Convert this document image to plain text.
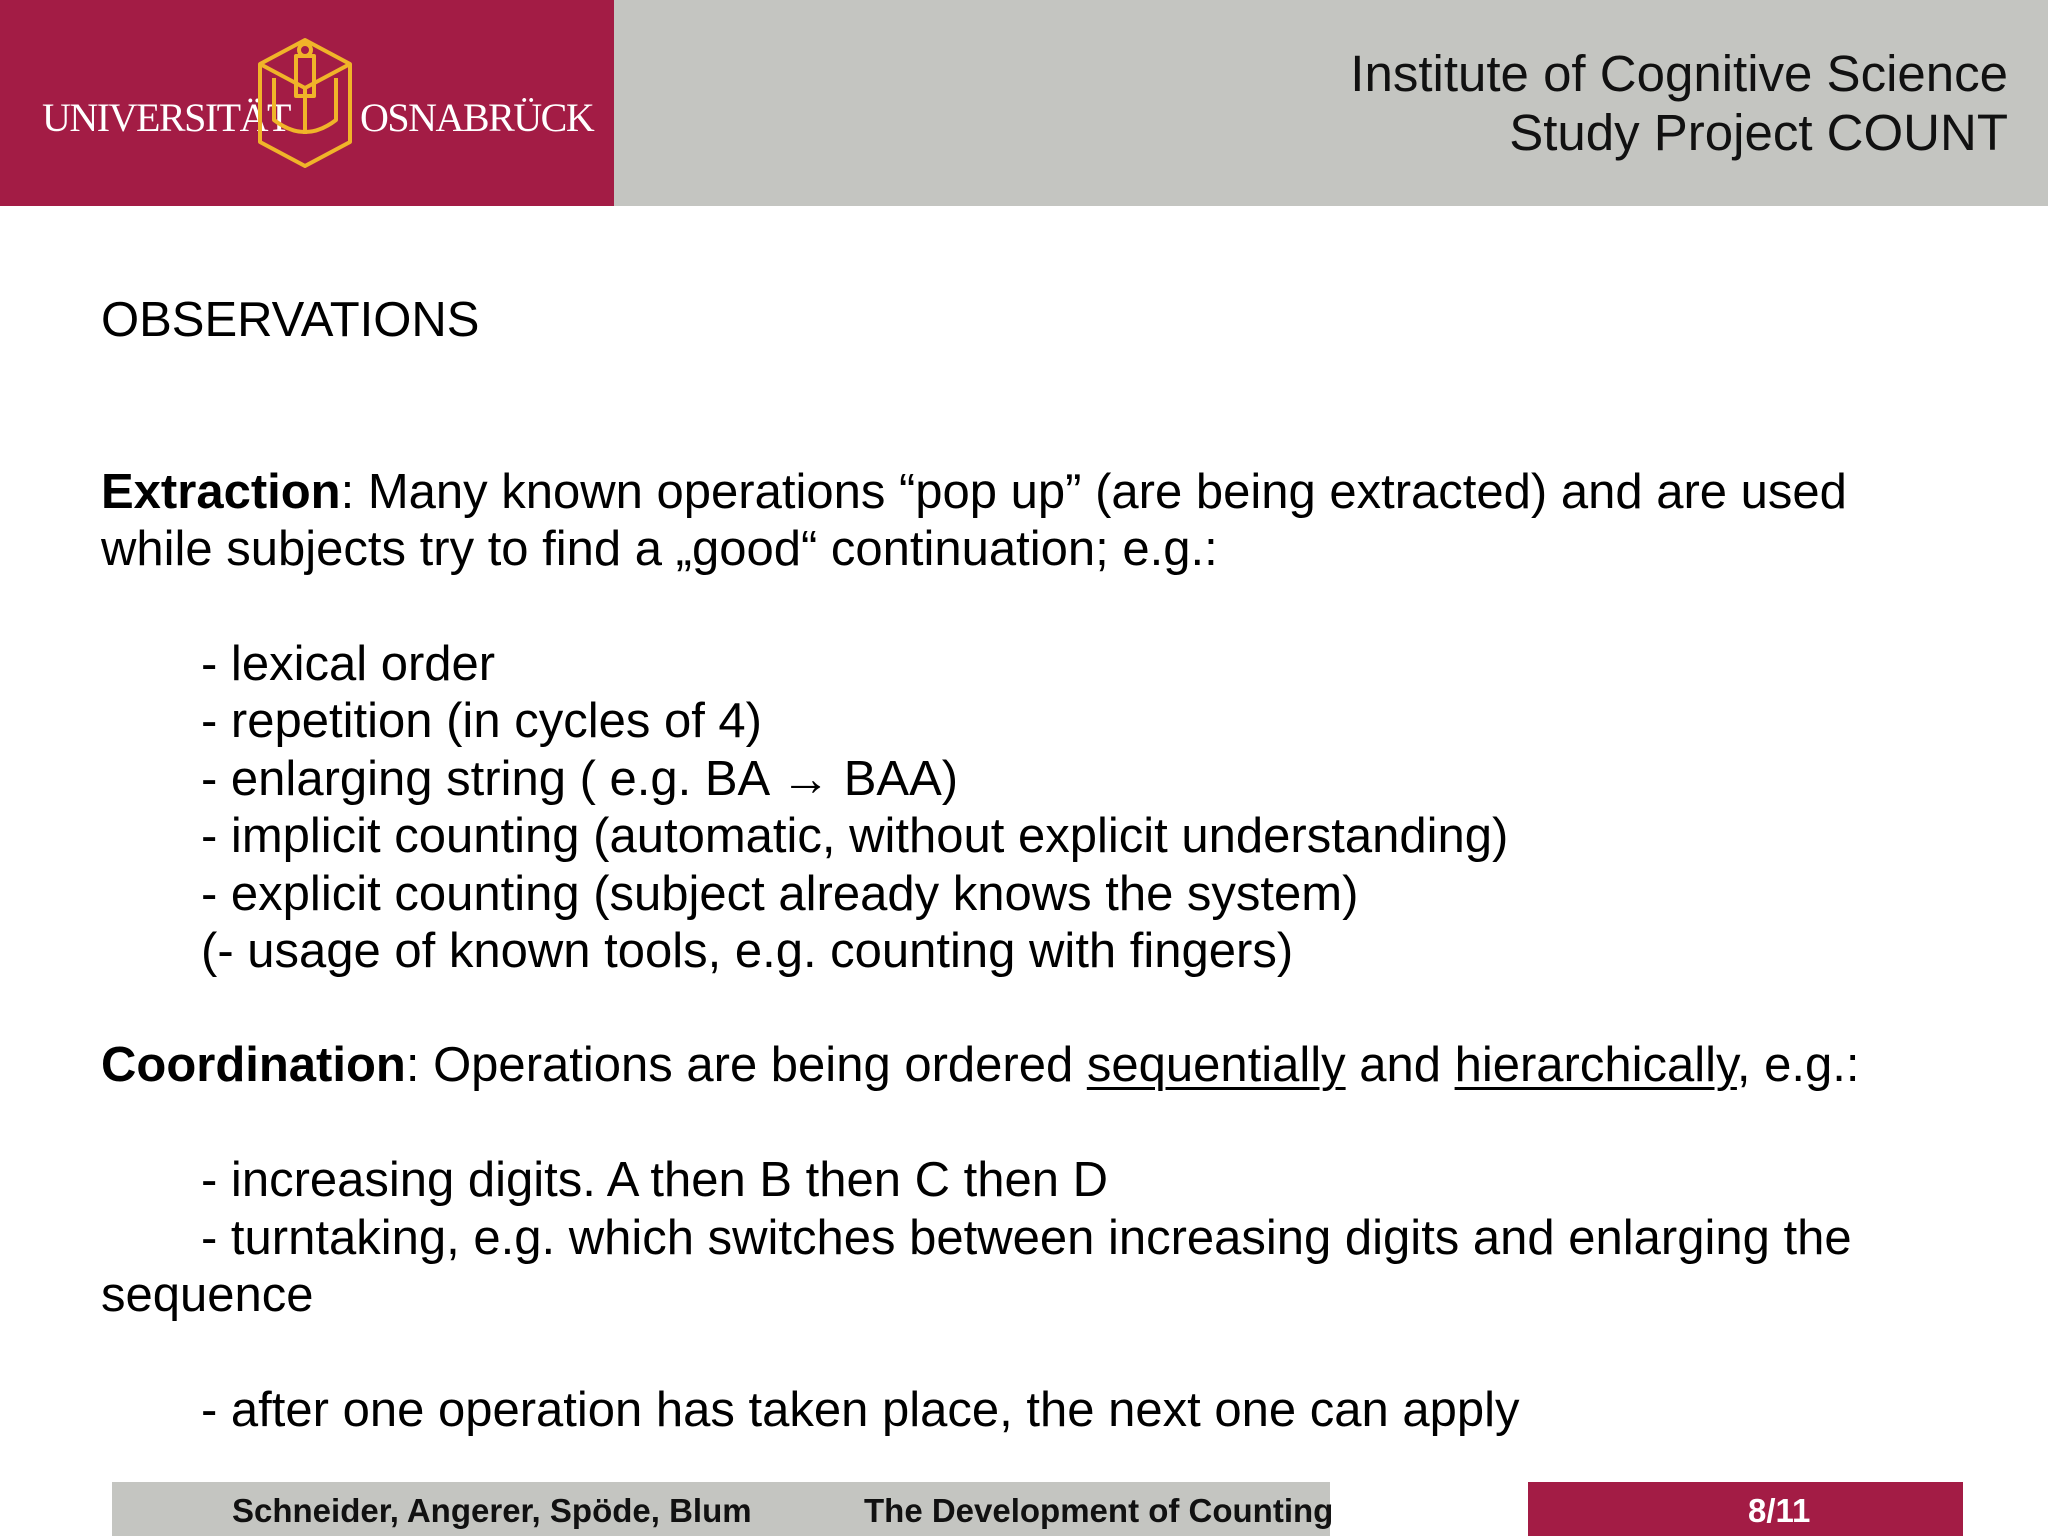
UNIVERSITÄT OSNABRÜCK
Institute of Cognitive Science
Study Project COUNT
OBSERVATIONS
Extraction: Many known operations “pop up” (are being extracted) and are used
while subjects try to find a „good“ continuation; e.g.:
- lexical order
- repetition (in cycles of 4)
- enlarging string ( e.g. BA → BAA)
- implicit counting (automatic, without explicit understanding)
- explicit counting (subject already knows the system)
(- usage of known tools, e.g. counting with fingers)
Coordination: Operations are being ordered sequentially and hierarchically, e.g.:
- increasing digits. A then B then C then D
- turntaking, e.g. which switches between increasing digits and enlarging the
sequence
- after one operation has taken place, the next one can apply
Schneider, Angerer, Spöde, Blum	The Development of Counting	8/11
